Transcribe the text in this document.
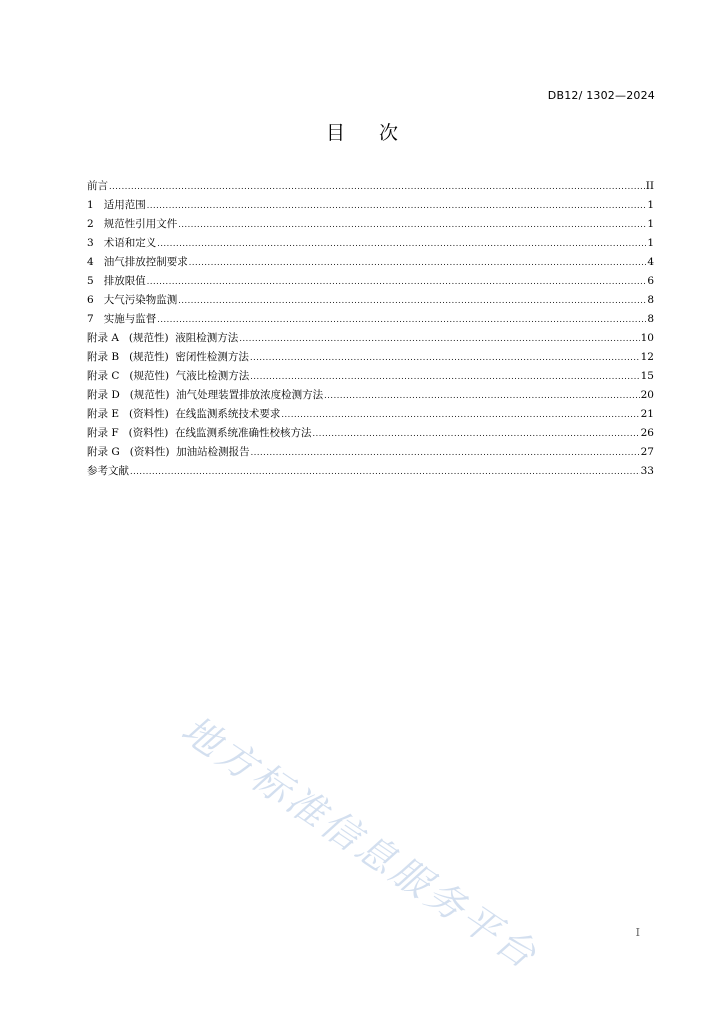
DB12/ 1302—2024
目次
前言 .....	II
1   适用范围 .....	1
2   规范性引用文件 .....	1
3   术语和定义 .....	1
4   油气排放控制要求 .....	4
5   排放限值 .....	6
6   大气污染物监测 .....	8
7   实施与监督 .....	8
附录 A   (规范性)  液阻检测方法 .....	10
附录 B   (规范性)  密闭性检测方法 .....	12
附录 C   (规范性)  气液比检测方法 .....	15
附录 D   (规范性)  油气处理装置排放浓度检测方法 .....	20
附录 E   (资料性)  在线监测系统技术要求 .....	21
附录 F   (资料性)  在线监测系统准确性校核方法 .....	26
附录 G   (资料性)  加油站检测报告 .....	27
参考文献 .....	33
地方标准信息服务平台	I
